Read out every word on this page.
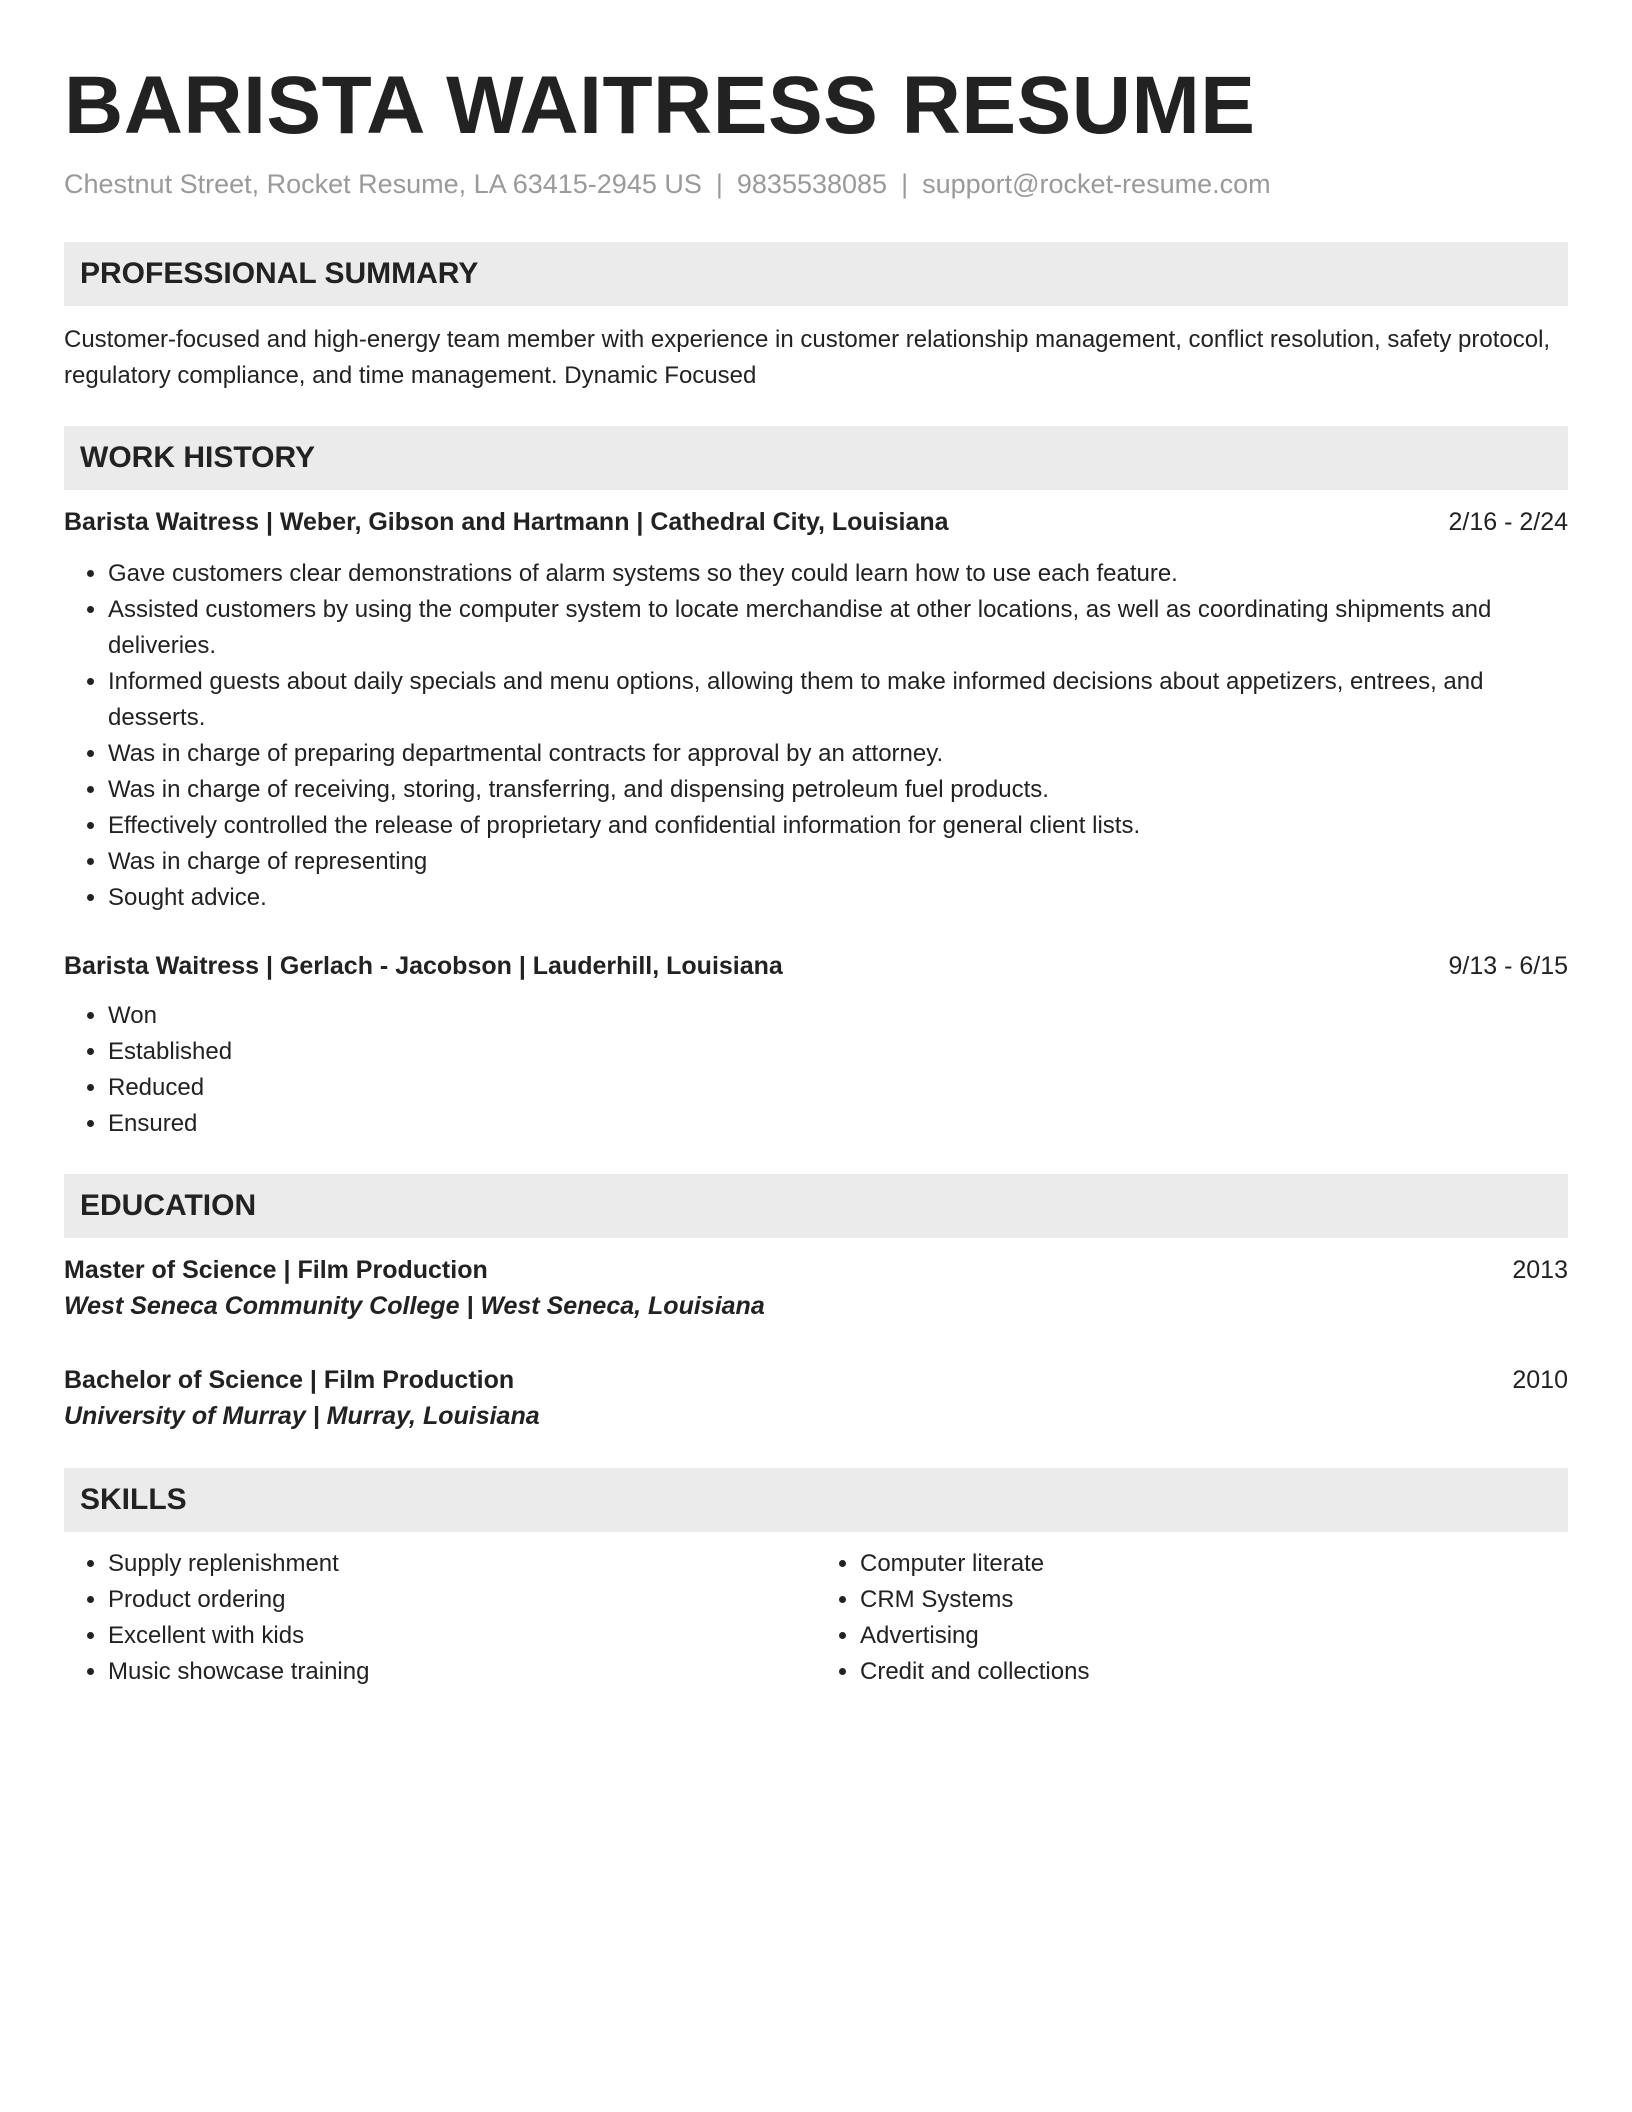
BARISTA WAITRESS RESUME
Chestnut Street, Rocket Resume, LA 63415-2945 US | 9835538085 | support@rocket-resume.com
PROFESSIONAL SUMMARY

Customer-focused and high-energy team member with experience in customer relationship management, conflict resolution, safety protocol, regulatory compliance, and time management. Dynamic Focused

WORK HISTORY
Barista Waitress | Weber, Gibson and Hartmann | Cathedral City, Louisiana	2/16 - 2/24
• Gave customers clear demonstrations of alarm systems so they could learn how to use each feature.
• Assisted customers by using the computer system to locate merchandise at other locations, as well as coordinating shipments and deliveries.
• Informed guests about daily specials and menu options, allowing them to make informed decisions about appetizers, entrees, and desserts.
• Was in charge of preparing departmental contracts for approval by an attorney.
• Was in charge of receiving, storing, transferring, and dispensing petroleum fuel products.
• Effectively controlled the release of proprietary and confidential information for general client lists.
• Was in charge of representing
• Sought advice.
Barista Waitress | Gerlach - Jacobson | Lauderhill, Louisiana	9/13 - 6/15
• Won
• Established
• Reduced
• Ensured
EDUCATION
Master of Science | Film Production	2013
West Seneca Community College | West Seneca, Louisiana
Bachelor of Science | Film Production	2010
University of Murray | Murray, Louisiana
SKILLS
• Supply replenishment
• Product ordering
• Excellent with kids
• Music showcase training
• Computer literate
• CRM Systems
• Advertising
• Credit and collections
